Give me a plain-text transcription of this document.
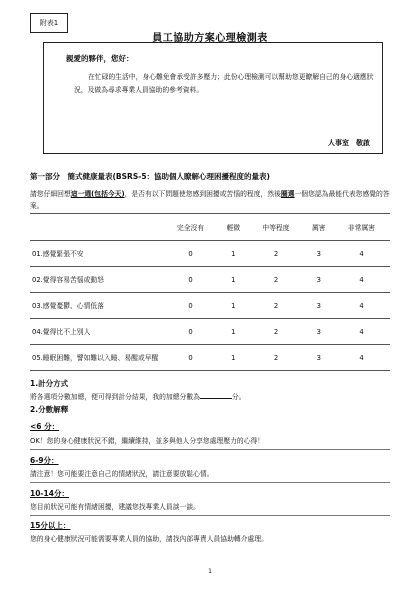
附表1
員工協助方案心理檢測表
親愛的夥伴，您好：
在忙碌的生活中，身心難免會承受許多壓力；此份心理檢測可以幫助您更瞭解自己的身心適應狀況，及做為尋求專業人員協助的參考資料。
人事室　敬啟
第一部分　簡式健康量表(BSRS-5：協助個人瞭解心理困擾程度的量表)
請您仔細回想這一週(包括今天)，是否有以下問題使您感到困擾或苦惱的程度，然後圈選一個您認為最能代表您感覺的答案。
	完全沒有	輕微	中等程度	厲害	非常厲害
01.感覺緊張不安	0	1	2	3	4
02.覺得容易苦惱或動怒	0	1	2	3	4
03.感覺憂鬱、心情低落	0	1	2	3	4
04.覺得比不上別人	0	1	2	3	4
05.睡眠困難，譬如難以入睡、易醒或早醒	0	1	2	3	4
1.計分方式
將各選項分數加總，便可得到計分結果，我的加總分數為	分。
2.分數解釋
<6 分：
OK！您的身心健康狀況不錯，繼續維持，並多與他人分享您處理壓力的心得！
6-9分：
請注意！您可能要注意自己的情緒狀況，請注意要放鬆心情。
10-14分：
您目前狀況可能有情緒困擾，建議您找專業人員談一談。
15分以上：
您的身心健康狀況可能需要專業人員的協助，請找內部專責人員協助轉介處理。
1
